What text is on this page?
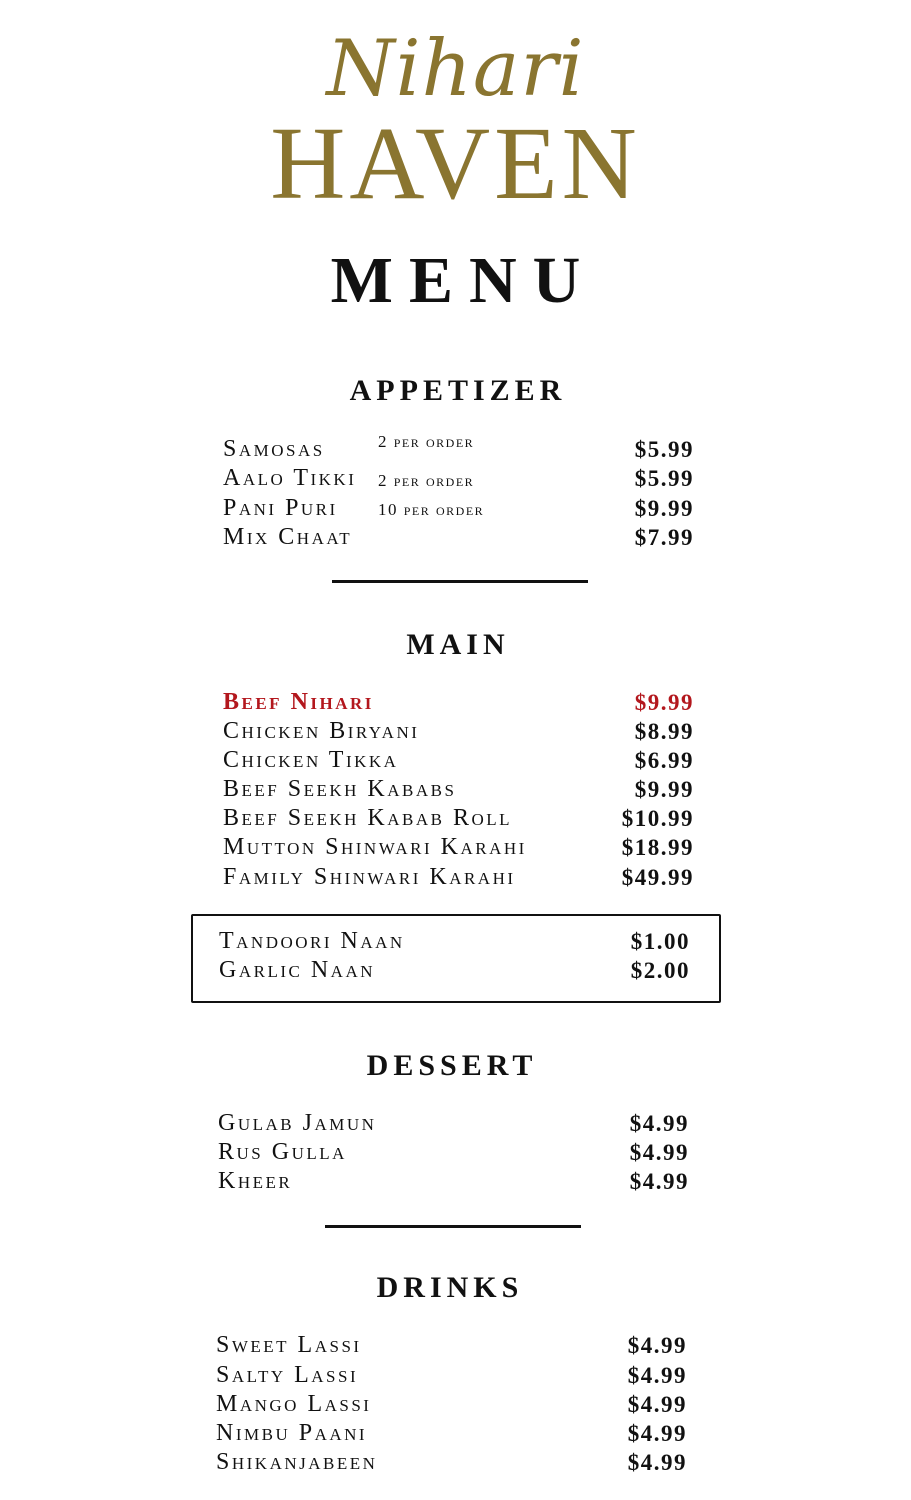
Nihari
HAVEN
MENU
APPETIZER
Samosas	2 per order	$5.99
Aalo Tikki 2 per order	$5.99
Pani Puri 10 per order	$9.99
Mix Chaat	$7.99
MAIN
Beef Nihari	$9.99
Chicken Biryani	$8.99
Chicken Tikka	$6.99
Beef Seekh Kababs	$9.99
Beef Seekh Kabab Roll	$10.99
Mutton Shinwari Karahi	$18.99
Family Shinwari Karahi	$49.99
Tandoori Naan	$1.00
Garlic Naan	$2.00
DESSERT
Gulab Jamun	$4.99
Rus Gulla	$4.99
Kheer	$4.99
DRINKS
Sweet Lassi	$4.99
Salty Lassi	$4.99
Mango Lassi	$4.99
Nimbu Paani	$4.99
Shikanjabeen	$4.99
